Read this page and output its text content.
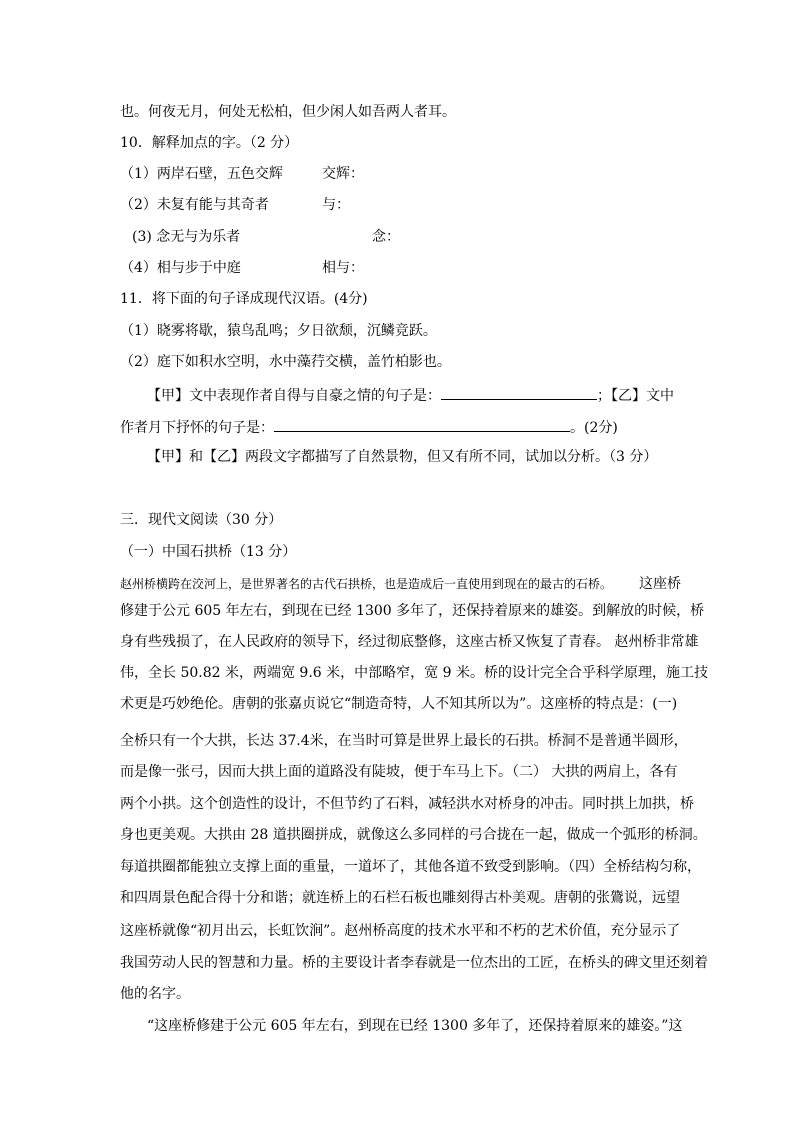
也。何夜无月，何处无松柏，但少闲人如吾两人者耳。
10．解释加点的字。（2 分）
（1）两岸石壁，五色交辉	交辉：
（2）未复有能与其奇者	与：
(3) 念无与为乐者	念：
（4）相与步于中庭	相与：
11．将下面的句子译成现代汉语。(4分)
（1）晓雾将歇，猿鸟乱鸣；夕日欲颓，沉鳞竞跃。
（2）庭下如积水空明，水中藻荇交横，盖竹柏影也。
【甲】文中表现作者自得与自豪之情的句子是：	；【乙】文中
作者月下抒怀的句子是：	。(2分)
【甲】和【乙】两段文字都描写了自然景物，但又有所不同，试加以分析。（3 分）
三．现代文阅读（30 分）
（一）中国石拱桥（13 分）
赵州桥横跨在洨河上，是世界著名的古代石拱桥，也是造成后一直使用到现在的最古的石桥。 这座桥
修建于公元 605 年左右，到现在已经 1300 多年了，还保持着原来的雄姿。到解放的时候，桥
身有些残损了，在人民政府的领导下，经过彻底整修，这座古桥又恢复了青春。 赵州桥非常雄
伟，全长 50.82 米，两端宽 9.6 米，中部略窄，宽 9 米。桥的设计完全合乎科学原理，施工技
术更是巧妙绝伦。唐朝的张嘉贞说它“制造奇特，人不知其所以为”。这座桥的特点是：(一)
全桥只有一个大拱，长达 37.4米，在当时可算是世界上最长的石拱。桥洞不是普通半圆形，
而是像一张弓，因而大拱上面的道路没有陡坡，便于车马上下。（二） 大拱的两肩上，各有
两个小拱。这个创造性的设计，不但节约了石料，减轻洪水对桥身的冲击。同时拱上加拱，桥
身也更美观。大拱由 28 道拱圈拼成，就像这么多同样的弓合拢在一起，做成一个弧形的桥洞。
每道拱圈都能独立支撑上面的重量，一道坏了，其他各道不致受到影响。（四）全桥结构匀称，
和四周景色配合得十分和谐；就连桥上的石栏石板也雕刻得古朴美观。唐朝的张鷟说，远望
这座桥就像“初月出云，长虹饮涧”。赵州桥高度的技术水平和不朽的艺术价值，充分显示了
我国劳动人民的智慧和力量。桥的主要设计者李春就是一位杰出的工匠，在桥头的碑文里还刻着
他的名字。
“这座桥修建于公元 605 年左右，到现在已经 1300 多年了，还保持着原来的雄姿。”这
